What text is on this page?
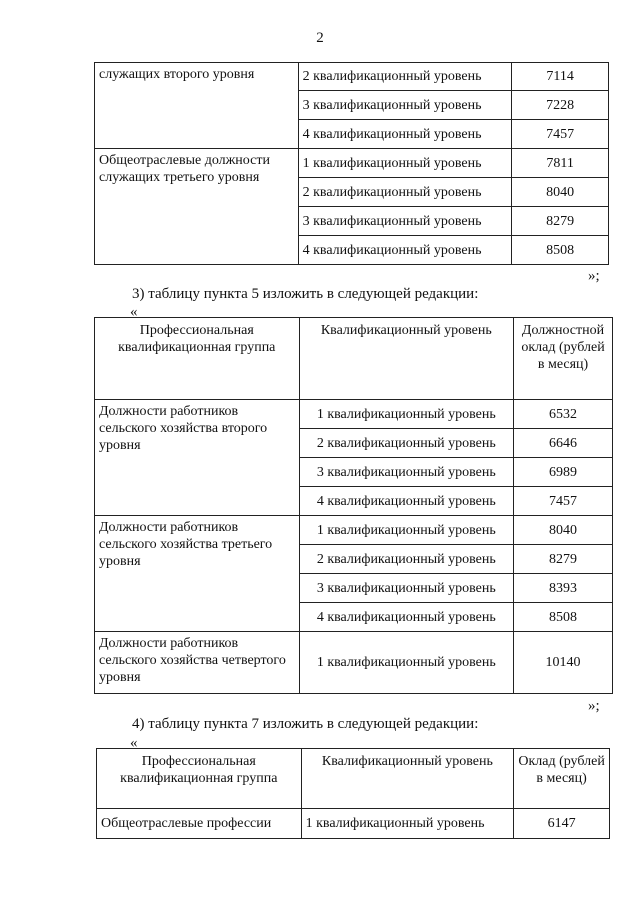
2
служащих второго уровня	2 квалификационный уровень	7114
	3 квалификационный уровень	7228
	4 квалификационный уровень	7457
Общеотраслевые должности служащих третьего уровня	1 квалификационный уровень	7811
	2 квалификационный уровень	8040
	3 квалификационный уровень	8279
	4 квалификационный уровень	8508
»;
3) таблицу пункта 5 изложить в следующей редакции:
«
Профессиональная квалификационная группа	Квалификационный уровень	Должностной оклад (рублей в месяц)
Должности работников сельского хозяйства второго уровня	1 квалификационный уровень	6532
	2 квалификационный уровень	6646
	3 квалификационный уровень	6989
	4 квалификационный уровень	7457
Должности работников сельского хозяйства третьего уровня	1 квалификационный уровень	8040
	2 квалификационный уровень	8279
	3 квалификационный уровень	8393
	4 квалификационный уровень	8508
Должности работников сельского хозяйства четвертого уровня	1 квалификационный уровень	10140
»;
4) таблицу пункта 7 изложить в следующей редакции:
«
Профессиональная квалификационная группа	Квалификационный уровень	Оклад (рублей в месяц)
Общеотраслевые профессии	1 квалификационный уровень	6147
